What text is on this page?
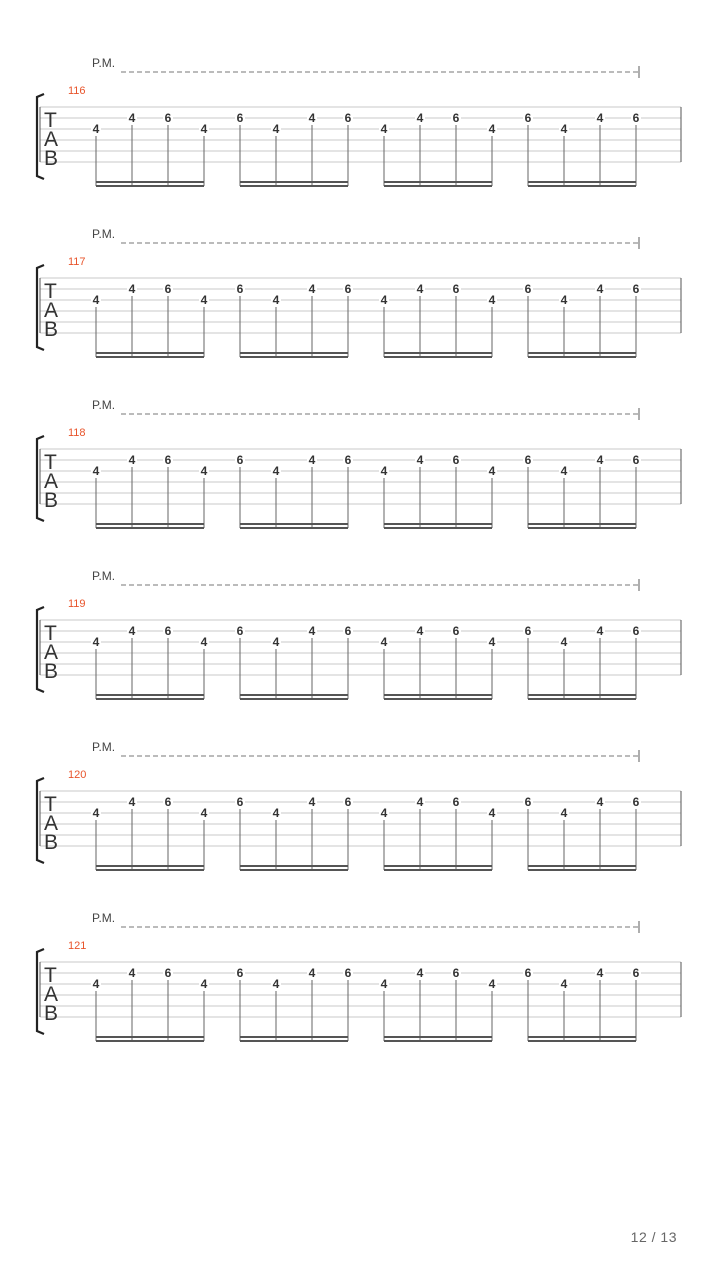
P.M.
116
T
A
B
4
4 6
4
6
4
4 6
4
4 6
4
6
4
4 6
P.M.
117
T
A
B
4
4 6
4
6
4
4 6
4
4 6
4
6
4
4 6
P.M.
118
T
A
B
4
4 6
4
6
4
4 6
4
4 6
4
6
4
4 6
P.M.
119
T
A
B
4
4 6
4
6
4
4 6
4
4 6
4
6
4
4 6
P.M.
120
T
A
B
4
4 6
4
6
4
4 6
4
4 6
4
6
4
4 6
P.M.
121
T
A
B
4
4 6
4
6
4
4 6
4
4 6
4
6
4
4 6
12 / 13
